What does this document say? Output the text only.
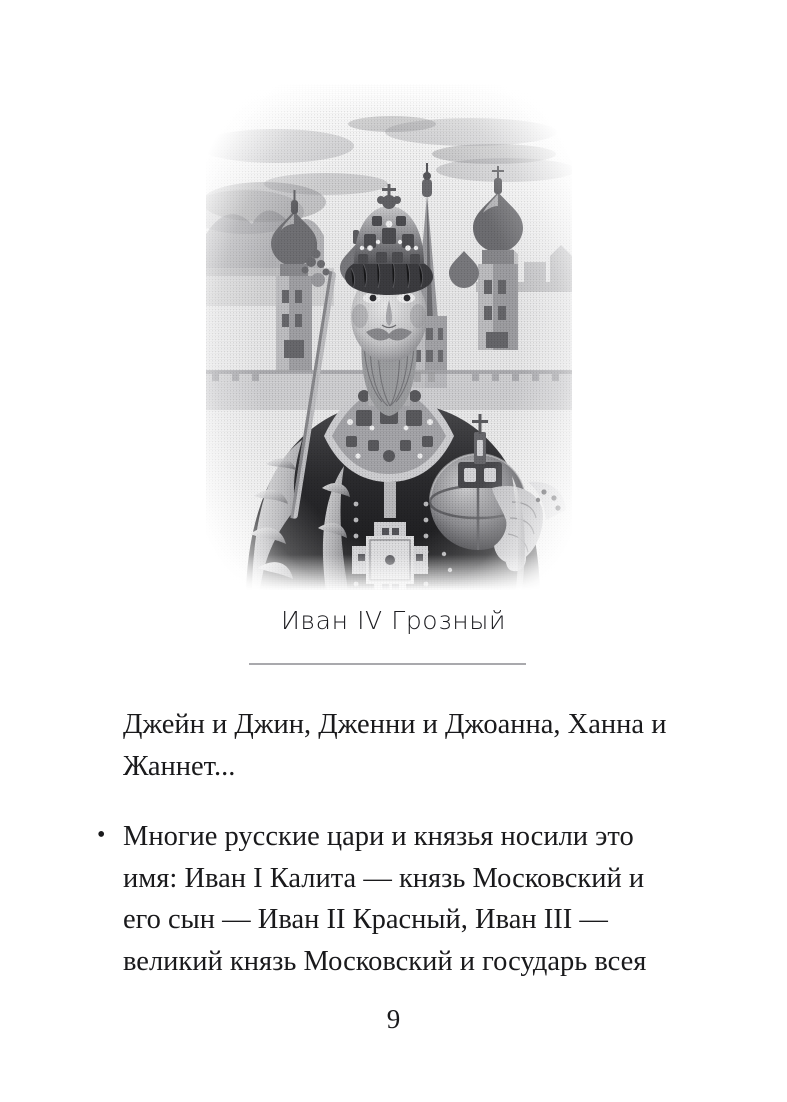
Иван IV Грозный

Джейн и Джин, Дженни и Джоанна, Ханна и Жаннет...

• Многие русские цари и князья носили это имя: Иван I Калита — князь Московский и его сын — Иван II Красный, Иван III — великий князь Московский и государь всея
9
